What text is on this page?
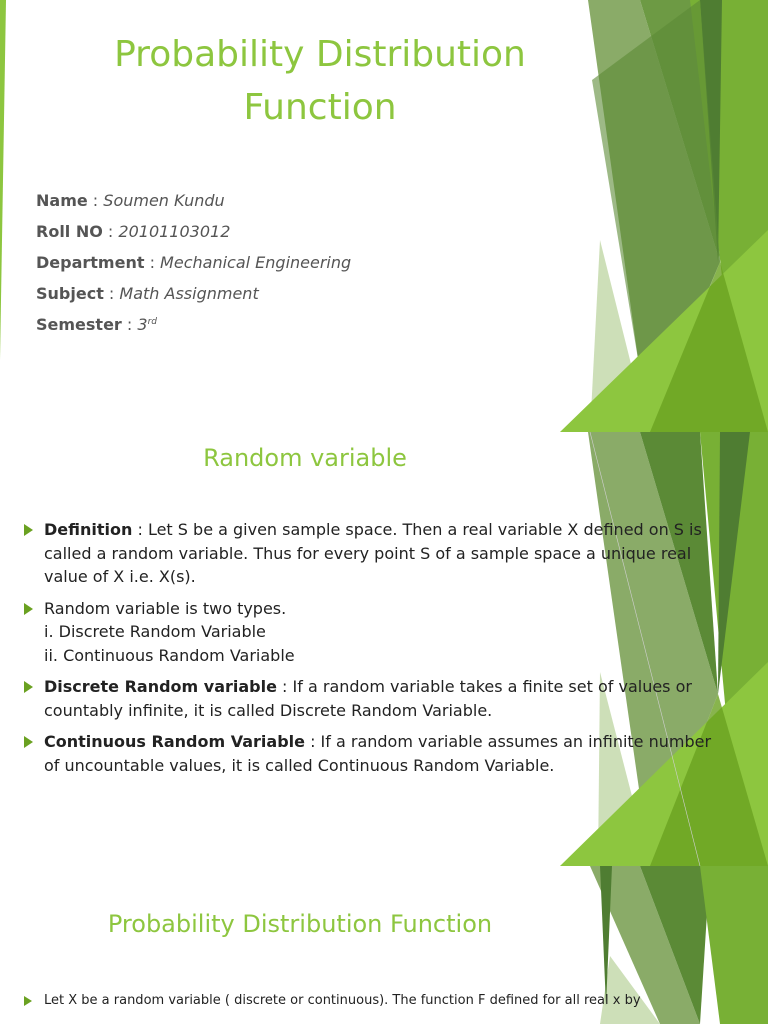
Probability Distribution Function
Name : Soumen Kundu
Roll NO : 20101103012
Department : Mechanical Engineering
Subject : Math Assignment
Semester : 3rd
Random variable
Definition : Let S be a given sample space. Then a real variable X defined on S is called a random variable. Thus for every point S of a sample space a unique real value of X i.e. X(s).
Random variable is two types.
i. Discrete Random Variable
ii. Continuous Random Variable
Discrete Random variable : If a random variable takes a finite set of values or countably infinite, it is called Discrete Random Variable.
Continuous Random Variable : If a random variable assumes an infinite number of uncountable values, it is called Continuous Random Variable.
Probability Distribution Function
Let X be a random variable ( discrete or continuous). The function F defined for all real x by
